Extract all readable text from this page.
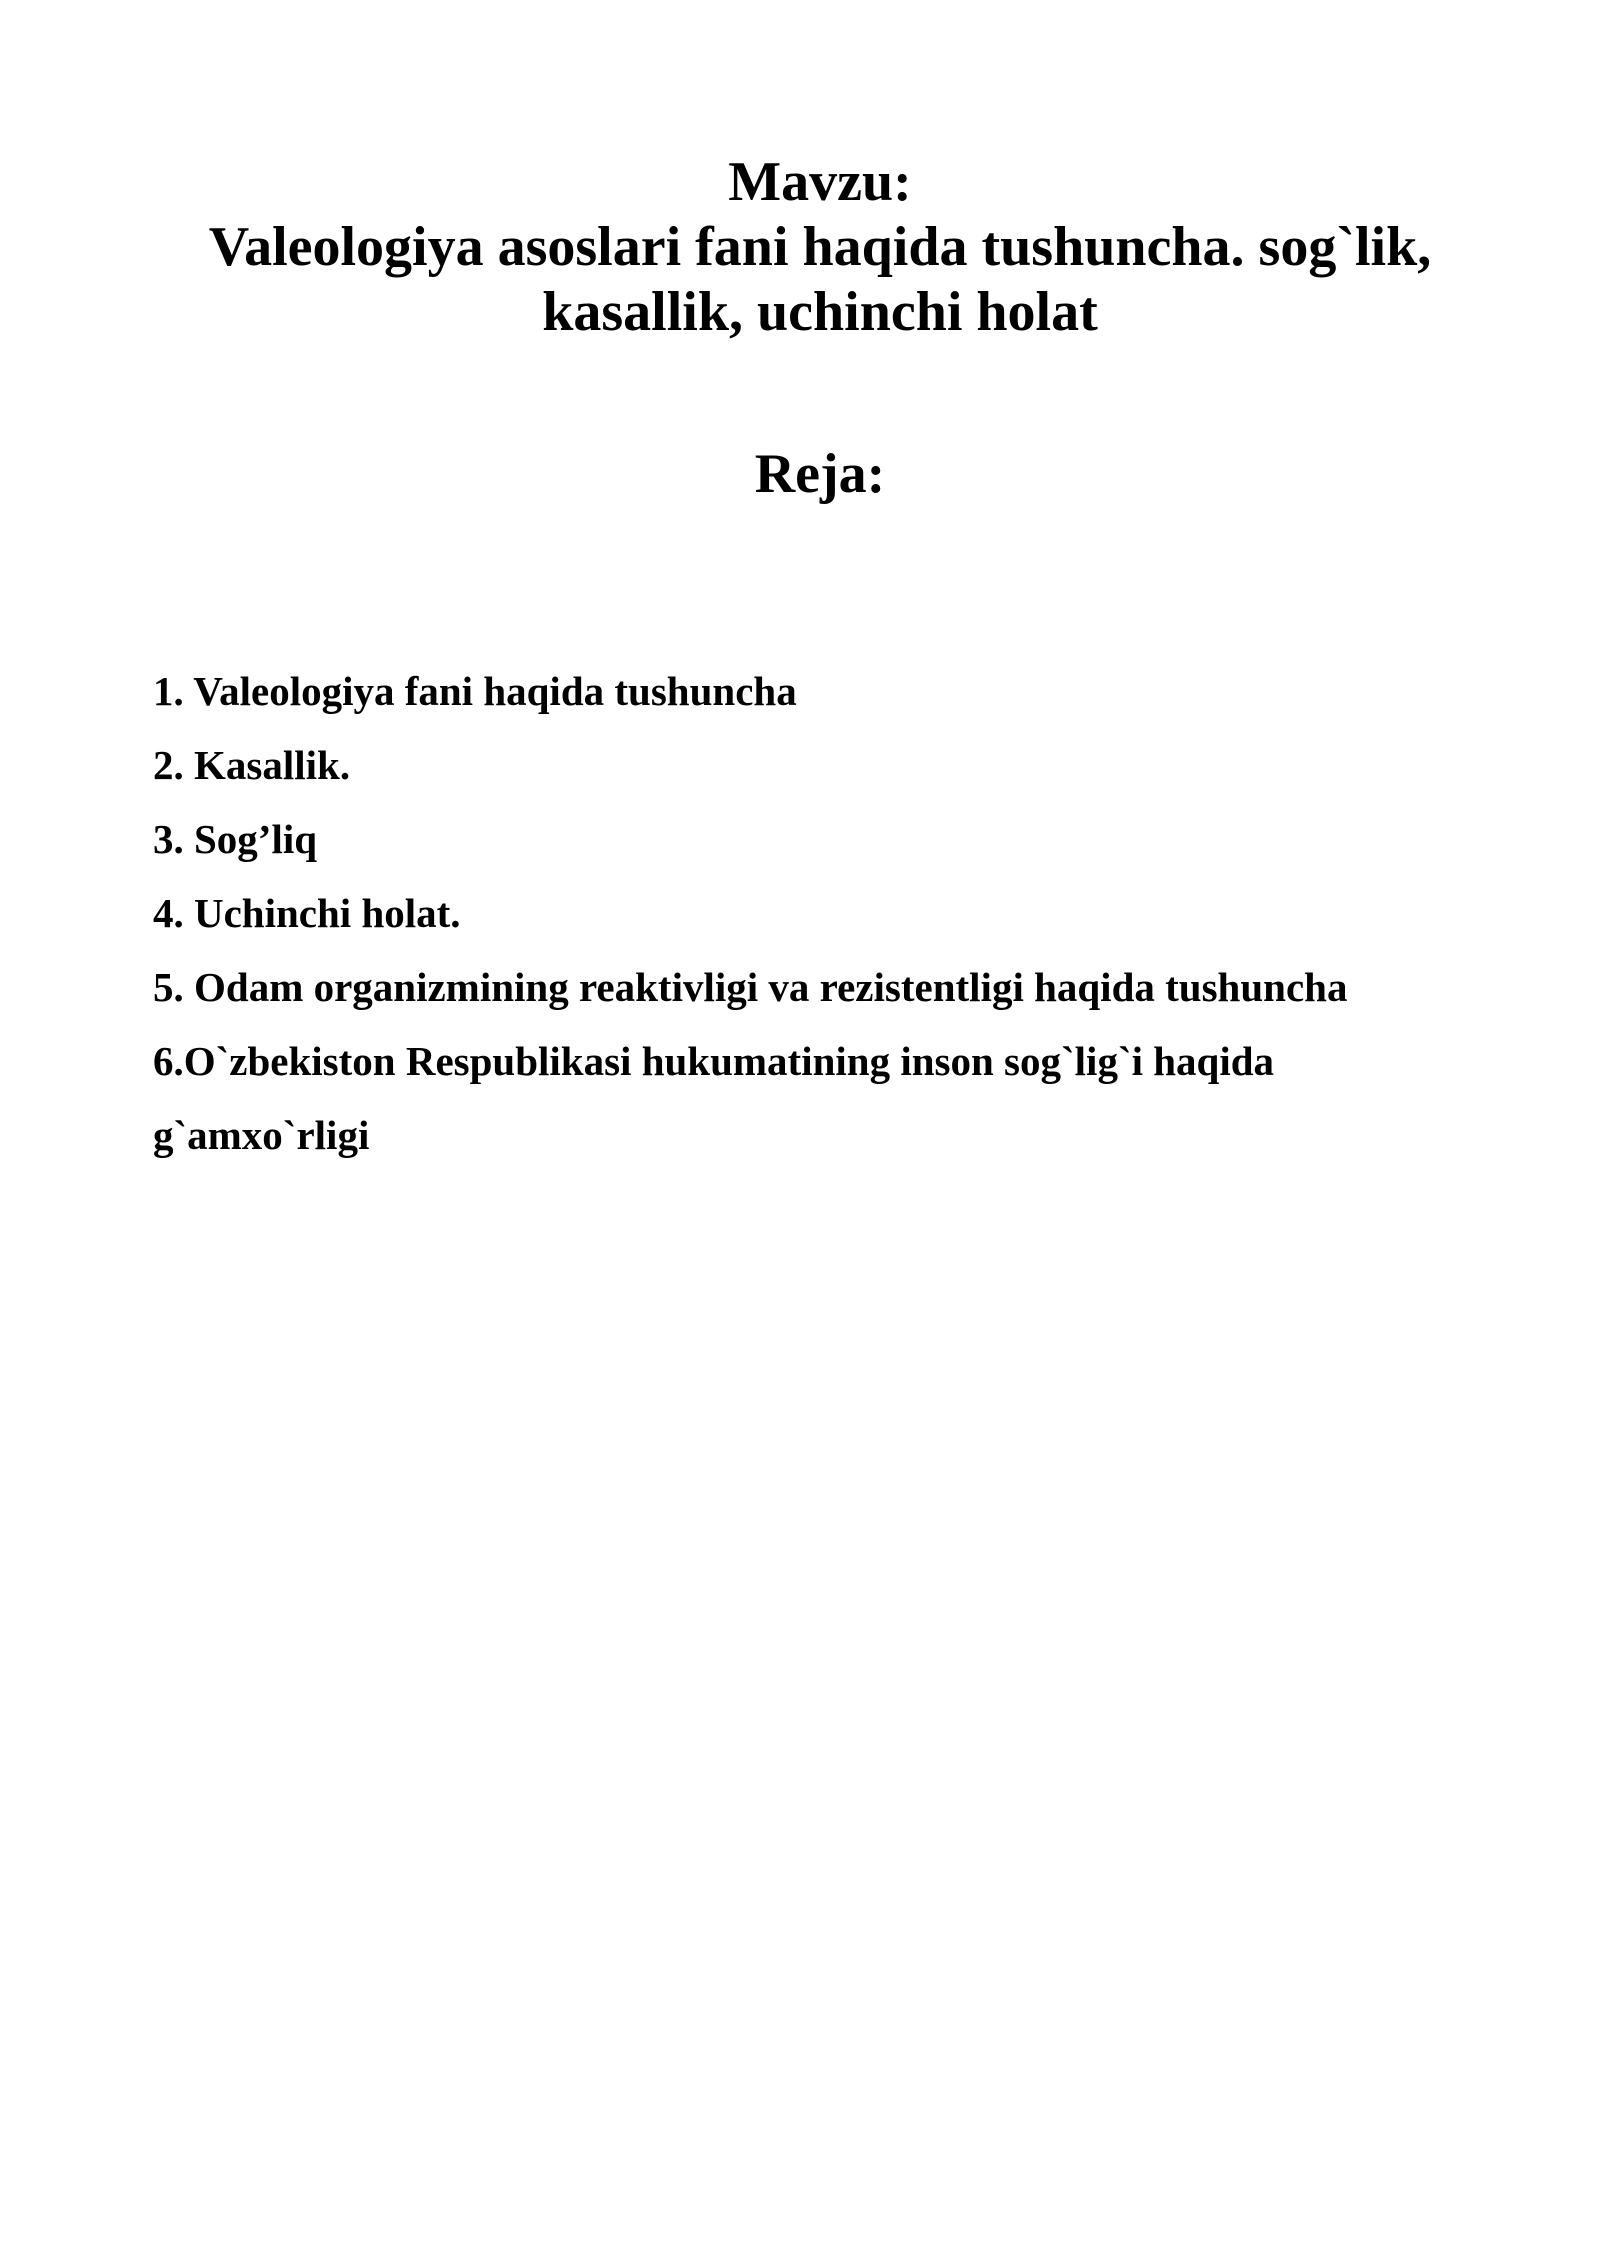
Mavzu:
Valeologiya asoslari fani haqida tushuncha. sog`lik,
kasallik, uchinchi holat
Reja:
1. Valeologiya fani haqida tushuncha
2. Kasallik.
3. Sog’liq
4. Uchinchi holat.
5. Odam organizmining reaktivligi va rezistentligi haqida tushuncha
6.O`zbekiston Respublikasi hukumatining inson sog`lig`i haqida
g`amxo`rligi
